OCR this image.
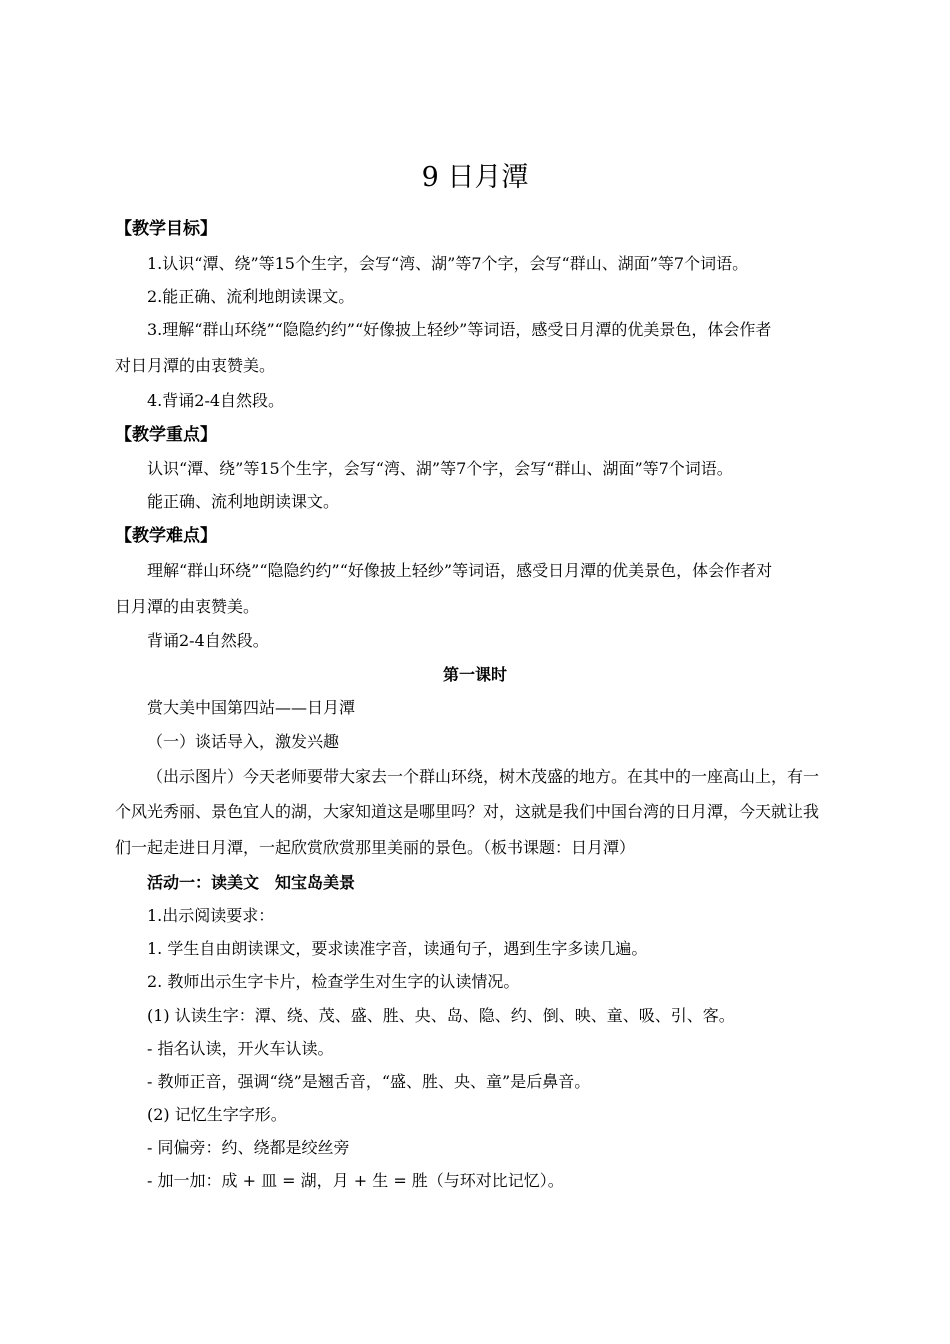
9 日月潭
【教学目标】
1.认识“潭、绕”等15个生字，会写“湾、湖”等7个字，会写“群山、湖面”等7个词语。
2.能正确、流利地朗读课文。
3.理解“群山环绕”“隐隐约约”“好像披上轻纱”等词语，感受日月潭的优美景色，体会作者
对日月潭的由衷赞美。
4.背诵2-4自然段。
【教学重点】
认识“潭、绕”等15个生字，会写“湾、湖”等7个字，会写“群山、湖面”等7个词语。
能正确、流利地朗读课文。
【教学难点】
理解“群山环绕”“隐隐约约”“好像披上轻纱”等词语，感受日月潭的优美景色，体会作者对
日月潭的由衷赞美。
背诵2-4自然段。
第一课时
赏大美中国第四站——日月潭
（一）谈话导入，激发兴趣
（出示图片）今天老师要带大家去一个群山环绕，树木茂盛的地方。在其中的一座高山上，有一
个风光秀丽、景色宜人的湖，大家知道这是哪里吗？对，这就是我们中国台湾的日月潭，今天就让我
们一起走进日月潭，一起欣赏欣赏那里美丽的景色。（板书课题：日月潭）
活动一：读美文　知宝岛美景
1.出示阅读要求：
1. 学生自由朗读课文，要求读准字音，读通句子，遇到生字多读几遍。
2. 教师出示生字卡片，检查学生对生字的认读情况。
(1) 认读生字：潭、绕、茂、盛、胜、央、岛、隐、约、倒、映、童、吸、引、客。
- 指名认读，开火车认读。
- 教师正音，强调“绕”是翘舌音，“盛、胜、央、童”是后鼻音。
(2) 记忆生字字形。
- 同偏旁：约、绕都是绞丝旁
- 加一加：成 + 皿 = 湖，月 + 生 = 胜（与环对比记忆）。
